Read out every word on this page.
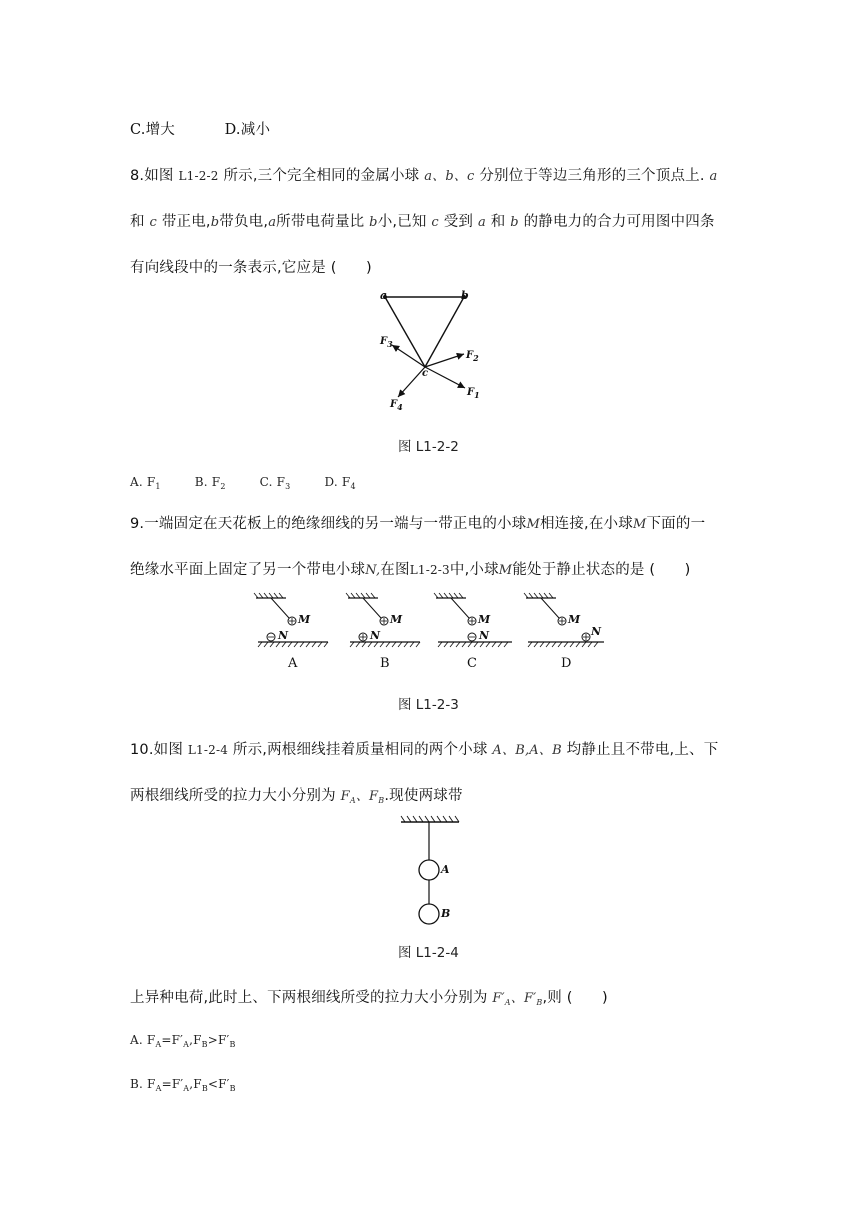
C.增大	D.减小
8.如图 L1-2-2 所示,三个完全相同的金属小球 a、b、c 分别位于等边三角形的三个顶点上. a
和 c 带正电,b带负电,a所带电荷量比 b小,已知 c 受到 a 和 b 的静电力的合力可用图中四条
有向线段中的一条表示,它应是 (　　)
a	b
c
$F_3$
$F_2$
$F_1$
$F_4$
图 L1-2-2
A. $F_1$	B. $F_2$	C. $F_3$	D. $F_4$
9.一端固定在天花板上的绝缘细线的另一端与一带正电的小球M相连接,在小球M下面的一
绝缘水平面上固定了另一个带电小球N,在图L1-2-3中,小球M能处于静止状态的是 (　　)
M
N
M
N
M
N
M
N
A	B	C	D
图 L1-2-3
10.如图 L1-2-4 所示,两根细线挂着质量相同的两个小球 A、B,A、B 均静止且不带电,上、下
两根细线所受的拉力大小分别为 $F_A$、$F_B$.现使两球带
A
B
图 L1-2-4
上异种电荷,此时上、下两根细线所受的拉力大小分别为 $F'_A$、$F'_B$,则 (　　)
A. $F_A=F'_A,F_B>F'_B$
B. $F_A=F'_A,F_B<F'_B$
